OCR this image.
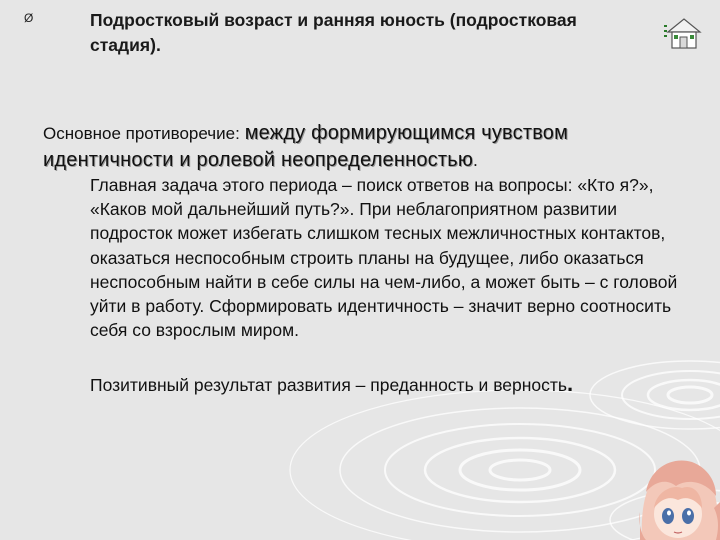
Ø	Подростковый возраст и ранняя юность (подростковая стадия).
Основное противоречие: между формирующимся чувством идентичности и ролевой неопределенностью.
Главная задача этого периода – поиск ответов на вопросы: «Кто я?», «Каков мой дальнейший путь?». При неблагоприятном развитии подросток может избегать слишком тесных межличностных контактов, оказаться неспособным строить планы на будущее, либо оказаться неспособным найти в себе силы на чем-либо, а может быть – с головой уйти в работу. Сформировать идентичность – значит верно соотносить себя со взрослым миром.
Позитивный результат развития – преданность и верность.
